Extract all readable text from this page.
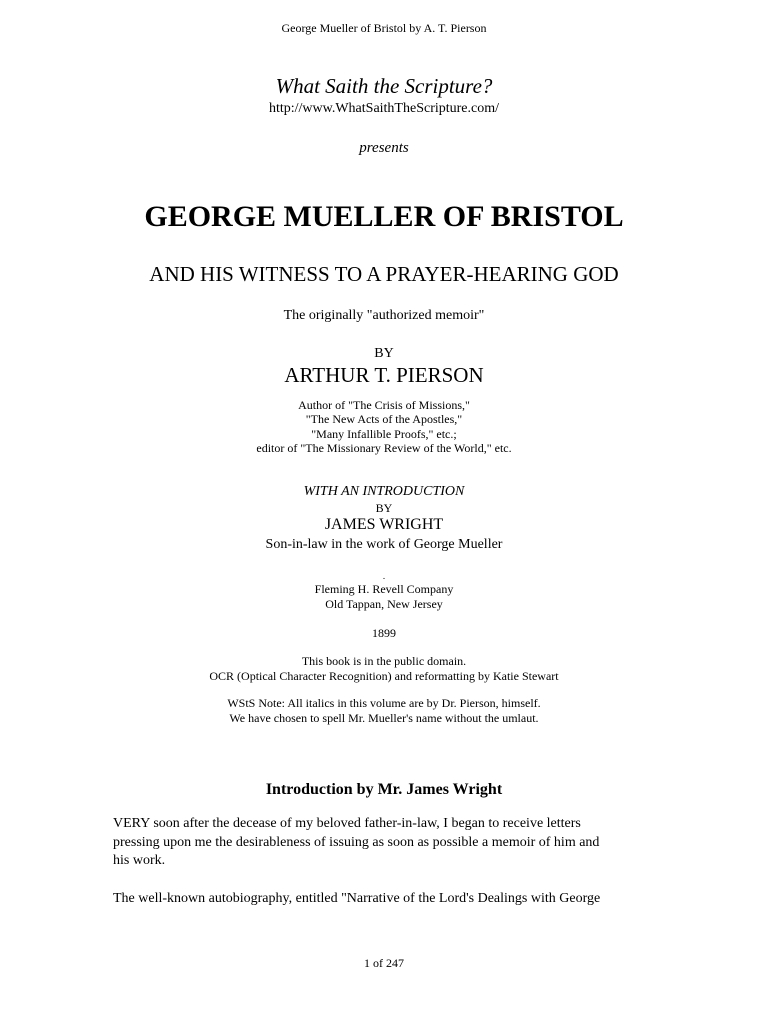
George Mueller of Bristol by A. T. Pierson
What Saith the Scripture?
http://www.WhatSaithTheScripture.com/
presents
GEORGE MUELLER OF BRISTOL
AND HIS WITNESS TO A PRAYER-HEARING GOD
The originally "authorized memoir"
BY
ARTHUR T. PIERSON
Author of "The Crisis of Missions,"
"The New Acts of the Apostles,"
"Many Infallible Proofs," etc.;
editor of "The Missionary Review of the World," etc.
WITH AN INTRODUCTION
BY
JAMES WRIGHT
Son-in-law in the work of George Mueller
.
Fleming H. Revell Company
Old Tappan, New Jersey
1899
This book is in the public domain.
OCR (Optical Character Recognition) and reformatting by Katie Stewart
WStS Note: All italics in this volume are by Dr. Pierson, himself.
We have chosen to spell Mr. Mueller's name without the umlaut.
Introduction by Mr. James Wright
VERY soon after the decease of my beloved father-in-law, I began to receive letters
pressing upon me the desirableness of issuing as soon as possible a memoir of him and
his work.
The well-known autobiography, entitled "Narrative of the Lord's Dealings with George
1 of 247
